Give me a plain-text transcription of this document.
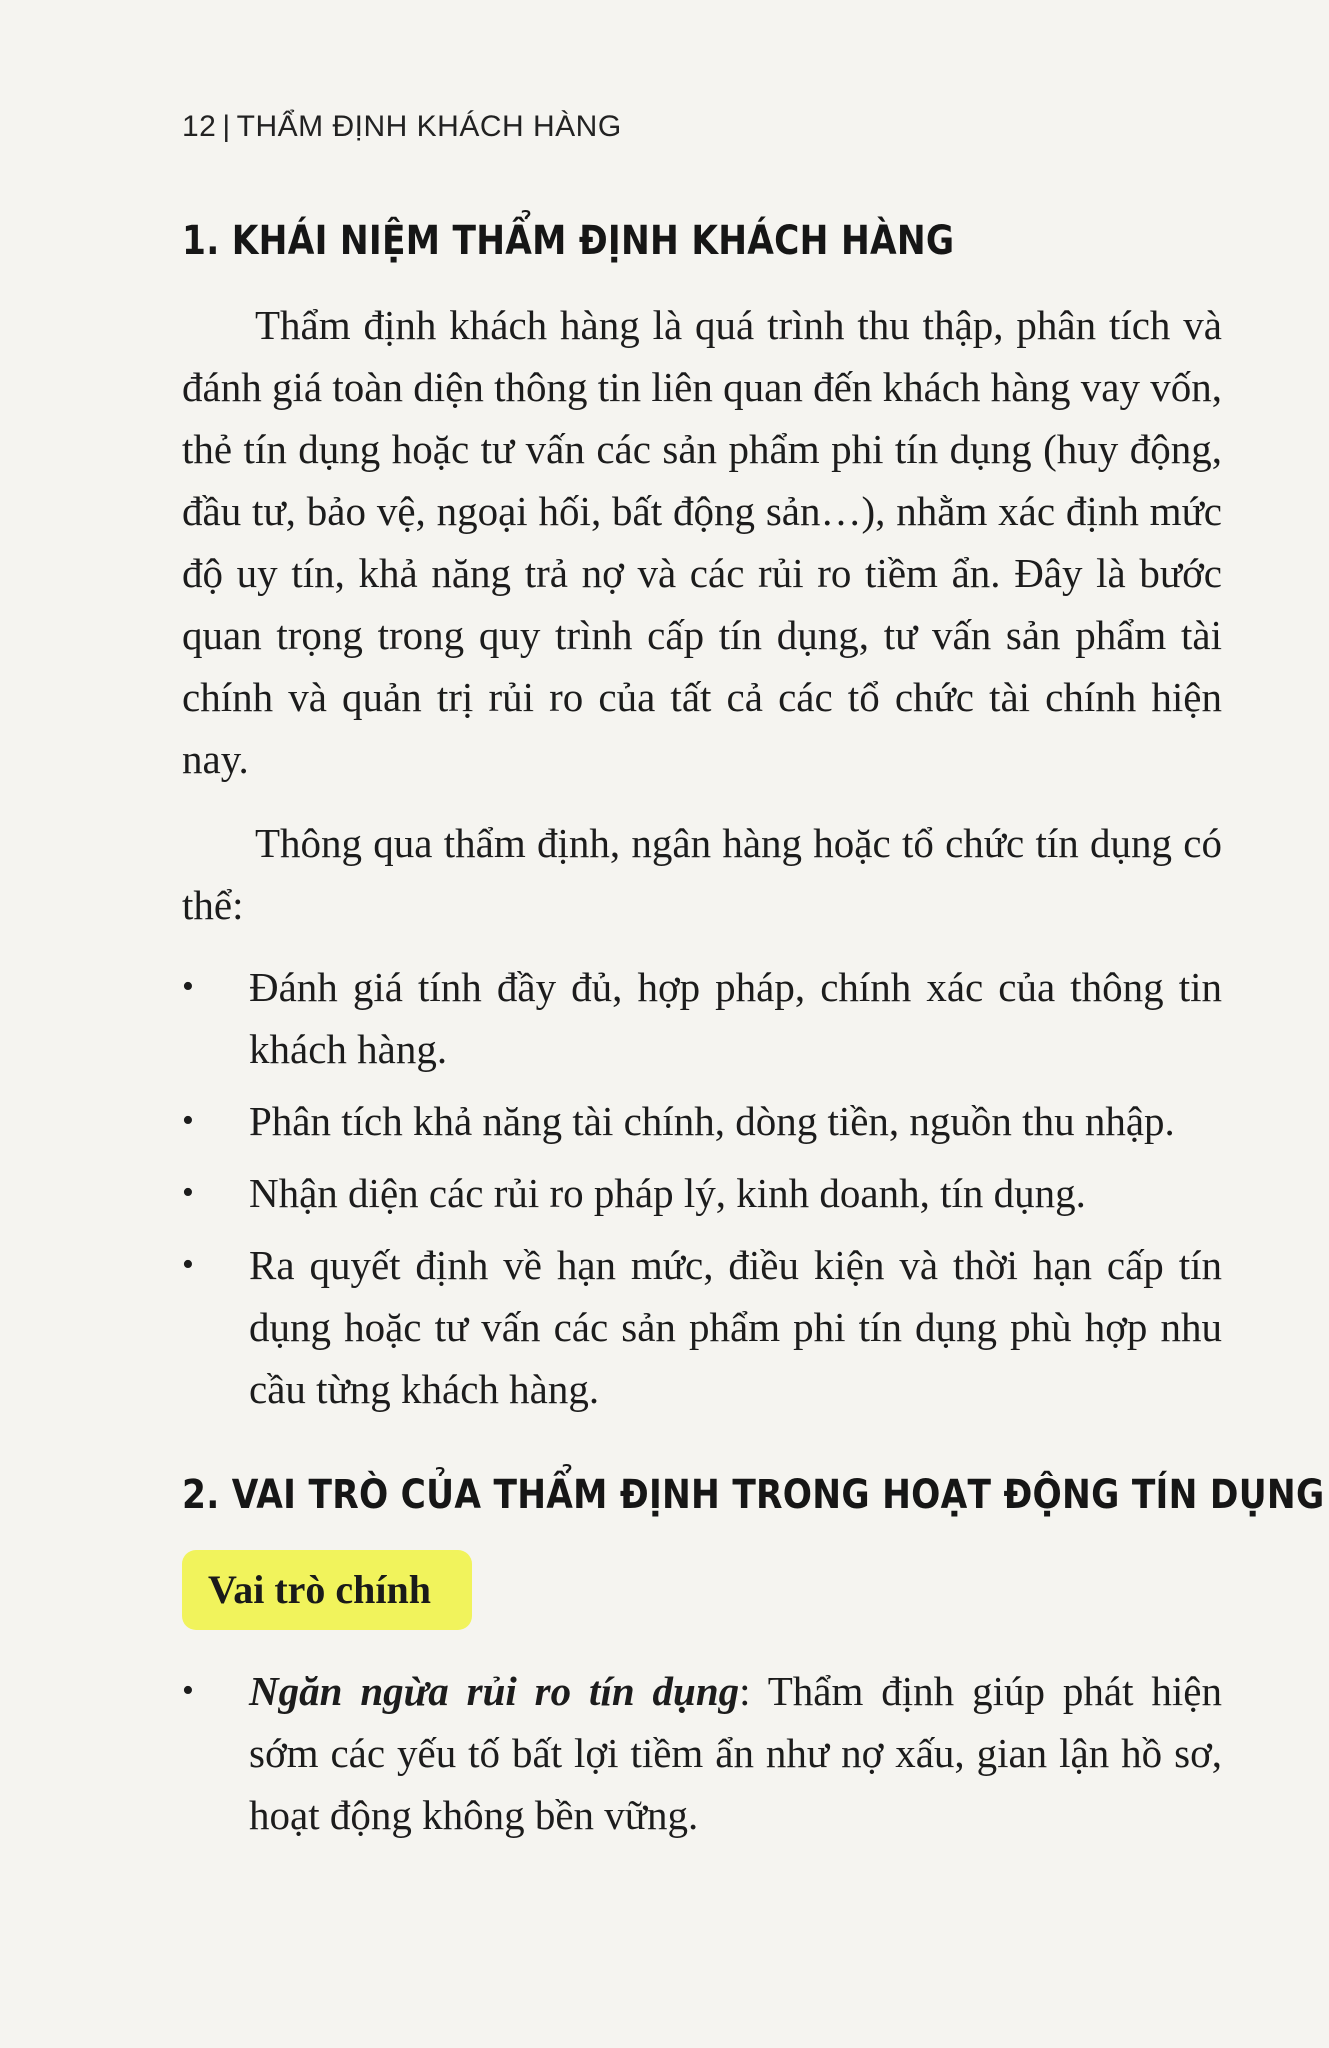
12 | THẨM ĐỊNH KHÁCH HÀNG
1. KHÁI NIỆM THẨM ĐỊNH KHÁCH HÀNG

Thẩm định khách hàng là quá trình thu thập, phân tích và đánh giá toàn diện thông tin liên quan đến khách hàng vay vốn, thẻ tín dụng hoặc tư vấn các sản phẩm phi tín dụng (huy động, đầu tư, bảo vệ, ngoại hối, bất động sản…), nhằm xác định mức độ uy tín, khả năng trả nợ và các rủi ro tiềm ẩn. Đây là bước quan trọng trong quy trình cấp tín dụng, tư vấn sản phẩm tài chính và quản trị rủi ro của tất cả các tổ chức tài chính hiện nay.

Thông qua thẩm định, ngân hàng hoặc tổ chức tín dụng có thể:

• Đánh giá tính đầy đủ, hợp pháp, chính xác của thông tin khách hàng.
• Phân tích khả năng tài chính, dòng tiền, nguồn thu nhập.
• Nhận diện các rủi ro pháp lý, kinh doanh, tín dụng.
• Ra quyết định về hạn mức, điều kiện và thời hạn cấp tín dụng hoặc tư vấn các sản phẩm phi tín dụng phù hợp nhu cầu từng khách hàng.
2. VAI TRÒ CỦA THẨM ĐỊNH TRONG HOẠT ĐỘNG TÍN DỤNG
Vai trò chính
• Ngăn ngừa rủi ro tín dụng: Thẩm định giúp phát hiện sớm các yếu tố bất lợi tiềm ẩn như nợ xấu, gian lận hồ sơ, hoạt động không bền vững.
